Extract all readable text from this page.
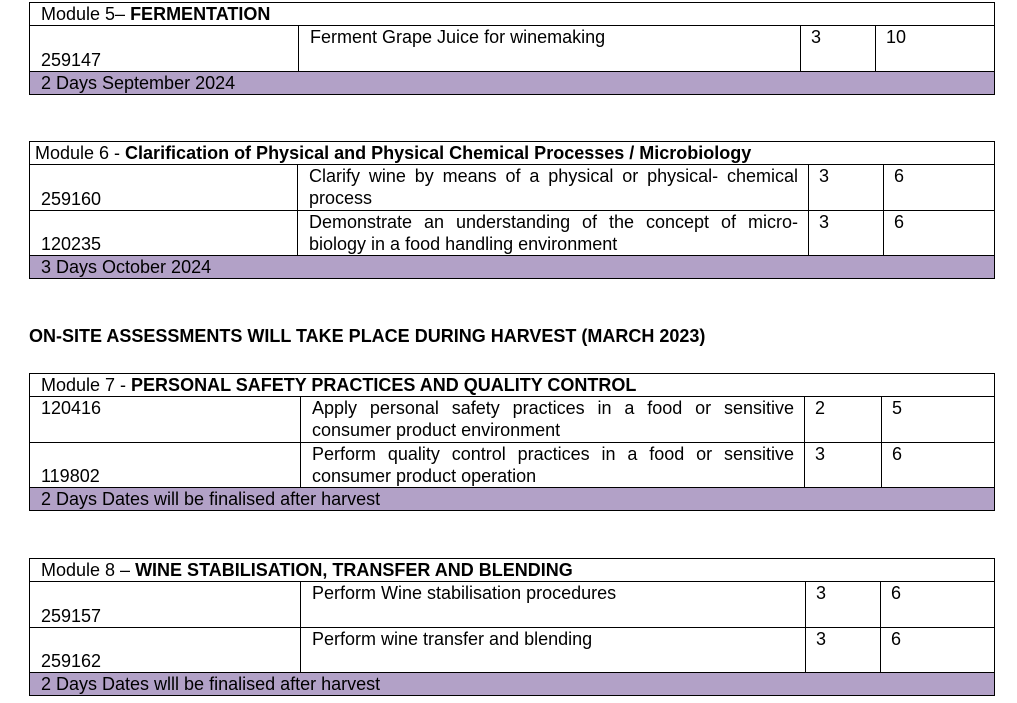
Module 5– FERMENTATION
259147	Ferment Grape Juice for winemaking	3	10
2 Days September 2024
Module 6 - Clarification of Physical and Physical Chemical Processes / Microbiology			
259160	Clarify wine by means of a physical or physical- chemical process	3	6
120235	Demonstrate an understanding of the concept of micro-biology in a food handling environment	3	6
3 Days October 2024			
ON-SITE ASSESSMENTS WILL TAKE PLACE DURING HARVEST (MARCH 2023)
Module 7 - PERSONAL SAFETY PRACTICES AND QUALITY CONTROL			
120416	Apply personal safety practices in a food or sensitive consumer product environment	2	5
119802	Perform quality control practices in a food or sensitive consumer product operation	3	6
2 Days Dates will be finalised after harvest			
Module 8 – WINE STABILISATION, TRANSFER AND BLENDING			
259157	Perform Wine stabilisation procedures	3	6
259162	Perform wine transfer and blending	3	6
2 Days Dates wlll be finalised after harvest			
